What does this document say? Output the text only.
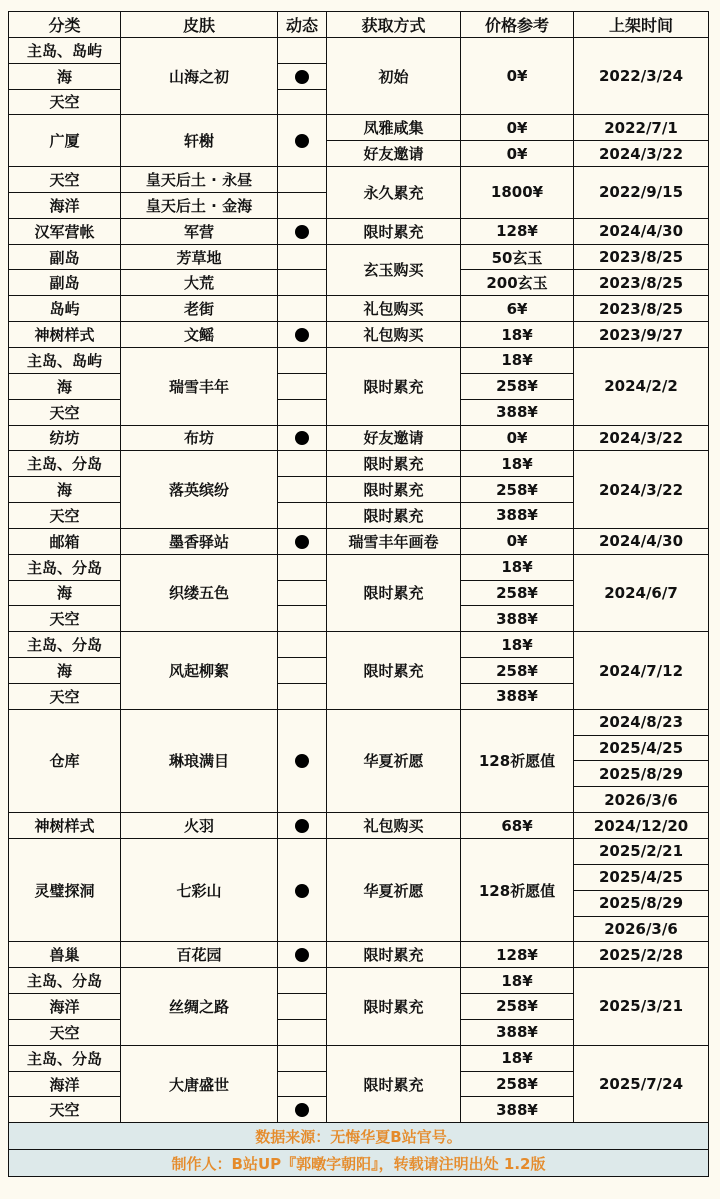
分类	皮肤	动态	获取方式	价格参考	上架时间
主岛、岛屿	山海之初		初始	0¥	2022/3/24
海					
天空					
广厦	轩榭		凤雅咸集	0¥	2022/7/1
			好友邀请	0¥	2024/3/22
天空	皇天后土 · 永昼		永久累充	1800¥	2022/9/15
海洋	皇天后土 · 金海				
汉军营帐	军营		限时累充	128¥	2024/4/30
副岛	芳草地		玄玉购买	50玄玉	2023/8/25
副岛	大荒			200玄玉	2023/8/25
岛屿	老街		礼包购买	6¥	2023/8/25
神树样式	文鳐		礼包购买	18¥	2023/9/27
主岛、岛屿	瑞雪丰年		限时累充	18¥	2024/2/2
海				258¥	
天空				388¥	
纺坊	布坊		好友邀请	0¥	2024/3/22
主岛、分岛	落英缤纷		限时累充	18¥	2024/3/22
海			限时累充	258¥	
天空			限时累充	388¥	
邮箱	墨香驿站		瑞雪丰年画卷	0¥	2024/4/30
主岛、分岛	织缕五色		限时累充	18¥	2024/6/7
海				258¥	
天空				388¥	
主岛、分岛	风起柳絮		限时累充	18¥	2024/7/12
海				258¥	
天空				388¥	
仓库	琳琅满目		华夏祈愿	128祈愿值	2024/8/23
					2025/4/25
					2025/8/29
					2026/3/6
神树样式	火羽		礼包购买	68¥	2024/12/20
灵璧探洞	七彩山		华夏祈愿	128祈愿值	2025/2/21
					2025/4/25
					2025/8/29
					2026/3/6
兽巢	百花园		限时累充	128¥	2025/2/28
主岛、分岛	丝绸之路		限时累充	18¥	2025/3/21
海洋				258¥	
天空				388¥	
主岛、分岛	大唐盛世		限时累充	18¥	2025/7/24
海洋				258¥	
天空				388¥	
数据来源：无悔华夏B站官号。					
制作人：B站UP『郭暾字朝阳』，转载请注明出处 1.2版					
